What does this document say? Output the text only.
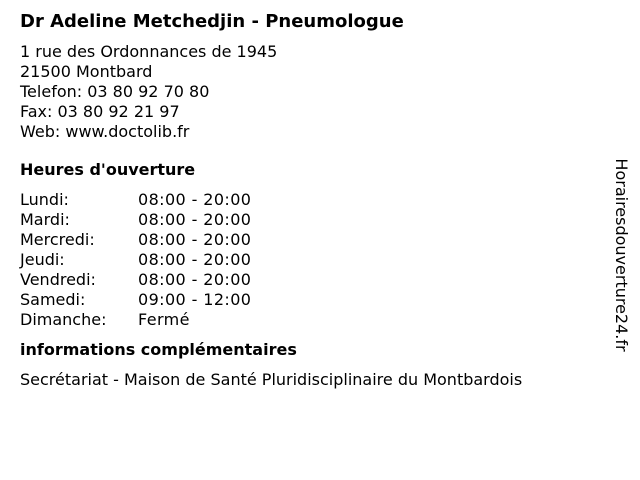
Dr Adeline Metchedjin - Pneumologue
1 rue des Ordonnances de 1945
21500 Montbard
Telefon: 03 80 92 70 80
Fax: 03 80 92 21 97
Web: www.doctolib.fr
Heures d'ouverture
Lundi:	08:00 - 20:00
Mardi:	08:00 - 20:00
Mercredi:	08:00 - 20:00
Jeudi:	08:00 - 20:00
Vendredi:	08:00 - 20:00
Samedi:	09:00 - 12:00
Dimanche:	Fermé
informations complémentaires
Secrétariat - Maison de Santé Pluridisciplinaire du Montbardois
Horairesdouverture24.fr
